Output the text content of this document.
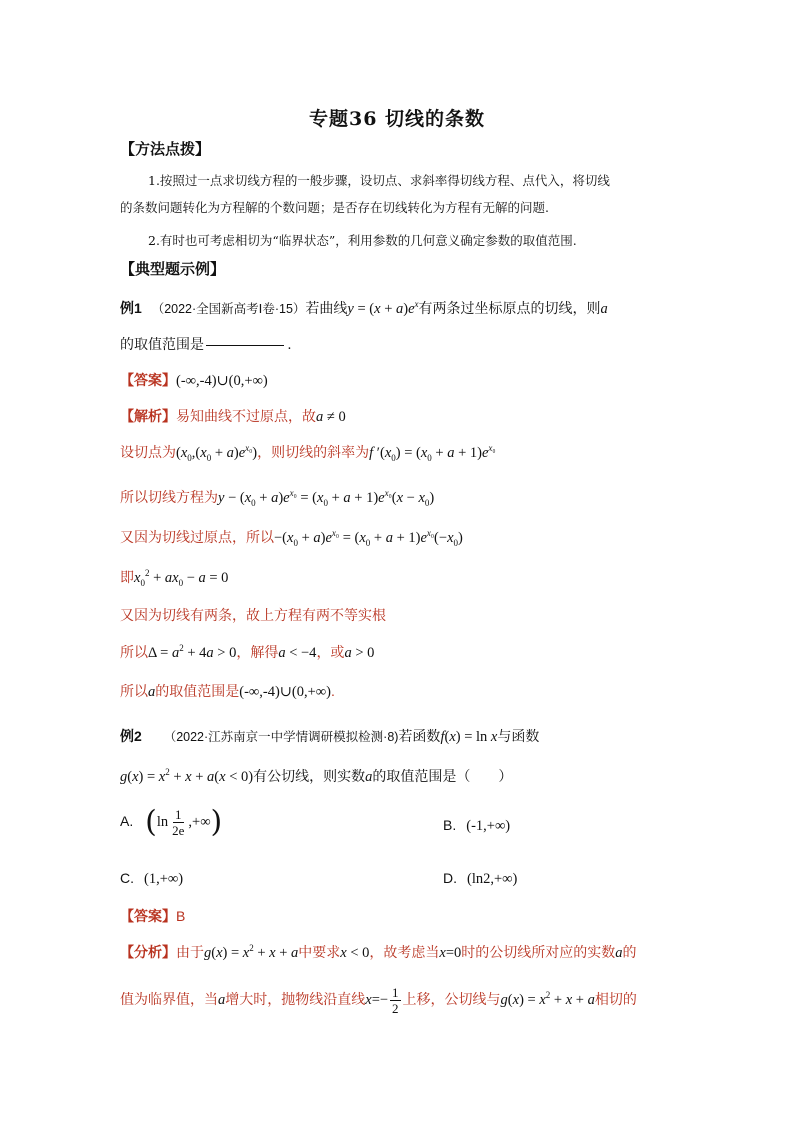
专题36 切线的条数
【方法点拨】
1.按照过一点求切线方程的一般步骤，设切点、求斜率得切线方程、点代入，将切线
的条数问题转化为方程解的个数问题；是否存在切线转化为方程有无解的问题.
2.有时也可考虑相切为“临界状态”，利用参数的几何意义确定参数的取值范围.
【典型题示例】
例1 （2022·全国新高考Ⅰ卷·15）若曲线$y = (x + a)e^x$有两条过坐标原点的切线，则a
的取值范围是	.
【答案】(-∞,-4)∪(0,+∞)
【解析】易知曲线不过原点，故a ≠ 0
设切点为$(x_0,(x_0 + a)e^{x_0})$，则切线的斜率为f $'(x_0) = (x_0 + a + 1)e^{x_0}$
所以切线方程为$y - (x_0 + a)e^{x_0} = (x_0 + a + 1)e^{x_0}(x - x_0)$
又因为切线过原点，所以$-(x_0 + a)e^{x_0} = (x_0 + a + 1)e^{x_0}(-x_0)$
即$x_0^2 + ax_0 - a = 0$
又因为切线有两条，故上方程有两不等实根
所以$\Delta = a^2 + 4a > 0$，解得a < −4，或a > 0
所以a的取值范围是(-∞,-4)∪(0,+∞).
例2 （2022·江苏南京一中学情调研模拟检测·8)若函数f(x) = ln x与函数
$g(x) = x^2 + x + a(x < 0)$有公切线，则实数a的取值范围是（　　）
A. ($\ln \frac{1}{2e}$ ,+∞)	B. (-1,+∞)
C. (1,+∞)	D. (ln2,+∞)
【答案】B
【分析】由于$g(x) = x^2 + x + a$中要求x < 0，故考虑当x=0时的公切线所对应的实数a的
值为临界值，当a增大时，抛物线沿直线$x=- \frac{1}{2}$ 上移，公切线与$g(x) = x^2 + x + a$相切的
